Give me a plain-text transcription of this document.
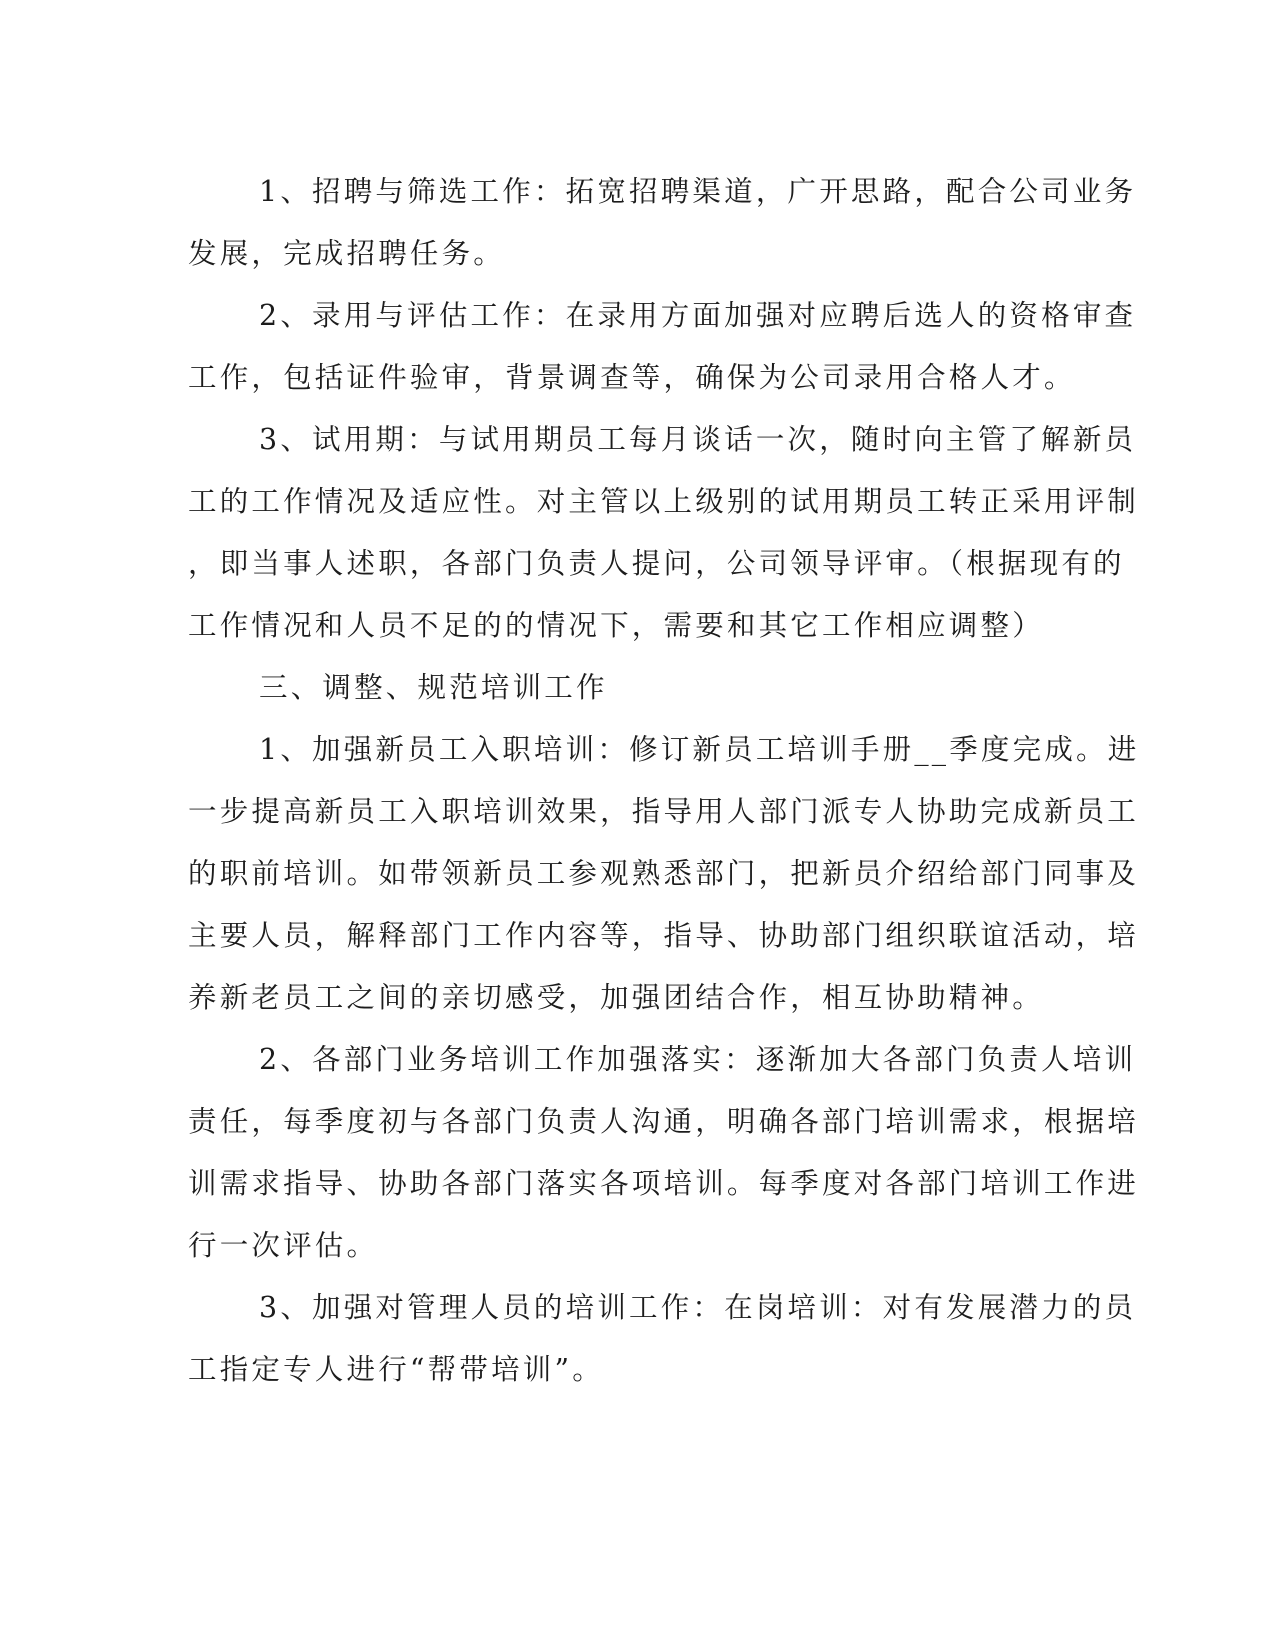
1、招聘与筛选工作：拓宽招聘渠道，广开思路，配合公司业务
发展，完成招聘任务。
2、录用与评估工作：在录用方面加强对应聘后选人的资格审查
工作，包括证件验审，背景调查等，确保为公司录用合格人才。
3、试用期：与试用期员工每月谈话一次，随时向主管了解新员
工的工作情况及适应性。对主管以上级别的试用期员工转正采用评制
，即当事人述职，各部门负责人提问，公司领导评审。（根据现有的
工作情况和人员不足的的情况下，需要和其它工作相应调整）
三、调整、规范培训工作
1、加强新员工入职培训：修订新员工培训手册__季度完成。进
一步提高新员工入职培训效果，指导用人部门派专人协助完成新员工
的职前培训。如带领新员工参观熟悉部门，把新员介绍给部门同事及
主要人员，解释部门工作内容等，指导、协助部门组织联谊活动，培
养新老员工之间的亲切感受，加强团结合作，相互协助精神。
2、各部门业务培训工作加强落实：逐渐加大各部门负责人培训
责任，每季度初与各部门负责人沟通，明确各部门培训需求，根据培
训需求指导、协助各部门落实各项培训。每季度对各部门培训工作进
行一次评估。
3、加强对管理人员的培训工作：在岗培训：对有发展潜力的员
工指定专人进行“帮带培训”。
